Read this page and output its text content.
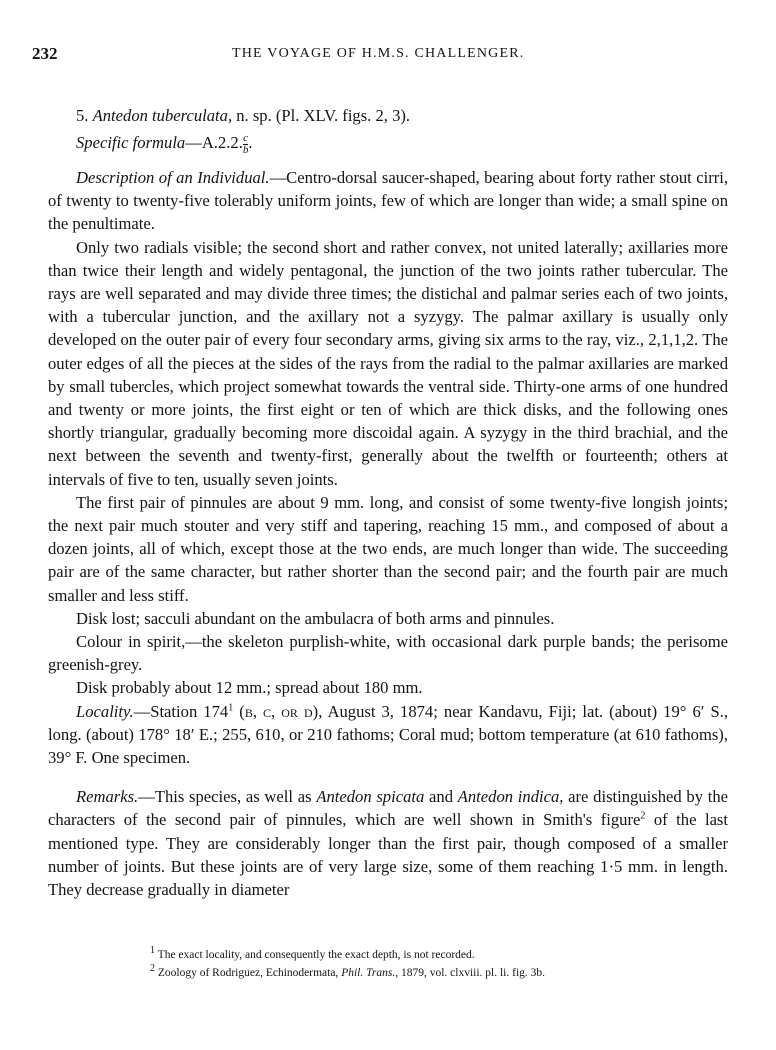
232	THE VOYAGE OF H.M.S. CHALLENGER.
5. Antedon tuberculata, n. sp. (Pl. XLV. figs. 2, 3).
Specific formula—A.2.2. $\frac{c}{b}$ .

Description of an Individual.—Centro-dorsal saucer-shaped, bearing about forty rather stout cirri, of twenty to twenty-five tolerably uniform joints, few of which are longer than wide; a small spine on the penultimate.

Only two radials visible; the second short and rather convex, not united laterally; axillaries more than twice their length and widely pentagonal, the junction of the two joints rather tubercular. The rays are well separated and may divide three times; the distichal and palmar series each of two joints, with a tubercular junction, and the axillary not a syzygy. The palmar axillary is usually only developed on the outer pair of every four secondary arms, giving six arms to the ray, viz., 2,1,1,2. The outer edges of all the pieces at the sides of the rays from the radial to the palmar axillaries are marked by small tubercles, which project somewhat towards the ventral side. Thirty-one arms of one hundred and twenty or more joints, the first eight or ten of which are thick disks, and the following ones shortly triangular, gradually becoming more discoidal again. A syzygy in the third brachial, and the next between the seventh and twenty-first, generally about the twelfth or fourteenth; others at intervals of five to ten, usually seven joints.

The first pair of pinnules are about 9 mm. long, and consist of some twenty-five longish joints; the next pair much stouter and very stiff and tapering, reaching 15 mm., and composed of about a dozen joints, all of which, except those at the two ends, are much longer than wide. The succeeding pair are of the same character, but rather shorter than the second pair; and the fourth pair are much smaller and less stiff.

Disk lost; sacculi abundant on the ambulacra of both arms and pinnules.

Colour in spirit,—the skeleton purplish-white, with occasional dark purple bands; the perisome greenish-grey.

Disk probably about 12 mm.; spread about 180 mm.

Locality.—Station $174^1$ (b, c, or d), August 3, 1874; near Kandavu, Fiji; lat. (about) 19° 6′ S., long. (about) 178° 18′ E.; 255, 610, or 210 fathoms; Coral mud; bottom temperature (at 610 fathoms), 39° F. One specimen.

Remarks.—This species, as well as Antedon spicata and Antedon indica, are distinguished by the characters of the second pair of pinnules, which are well shown in Smith's figure$^2$ of the last mentioned type. They are considerably longer than the first pair, though composed of a smaller number of joints. But these joints are of very large size, some of them reaching 1·5 mm. in length. They decrease gradually in diameter

$^1$ The exact locality, and consequently the exact depth, is not recorded.
$^2$ Zoology of Rodriguez, Echinodermata, Phil. Trans., 1879, vol. clxviii. pl. li. fig. 3b.
